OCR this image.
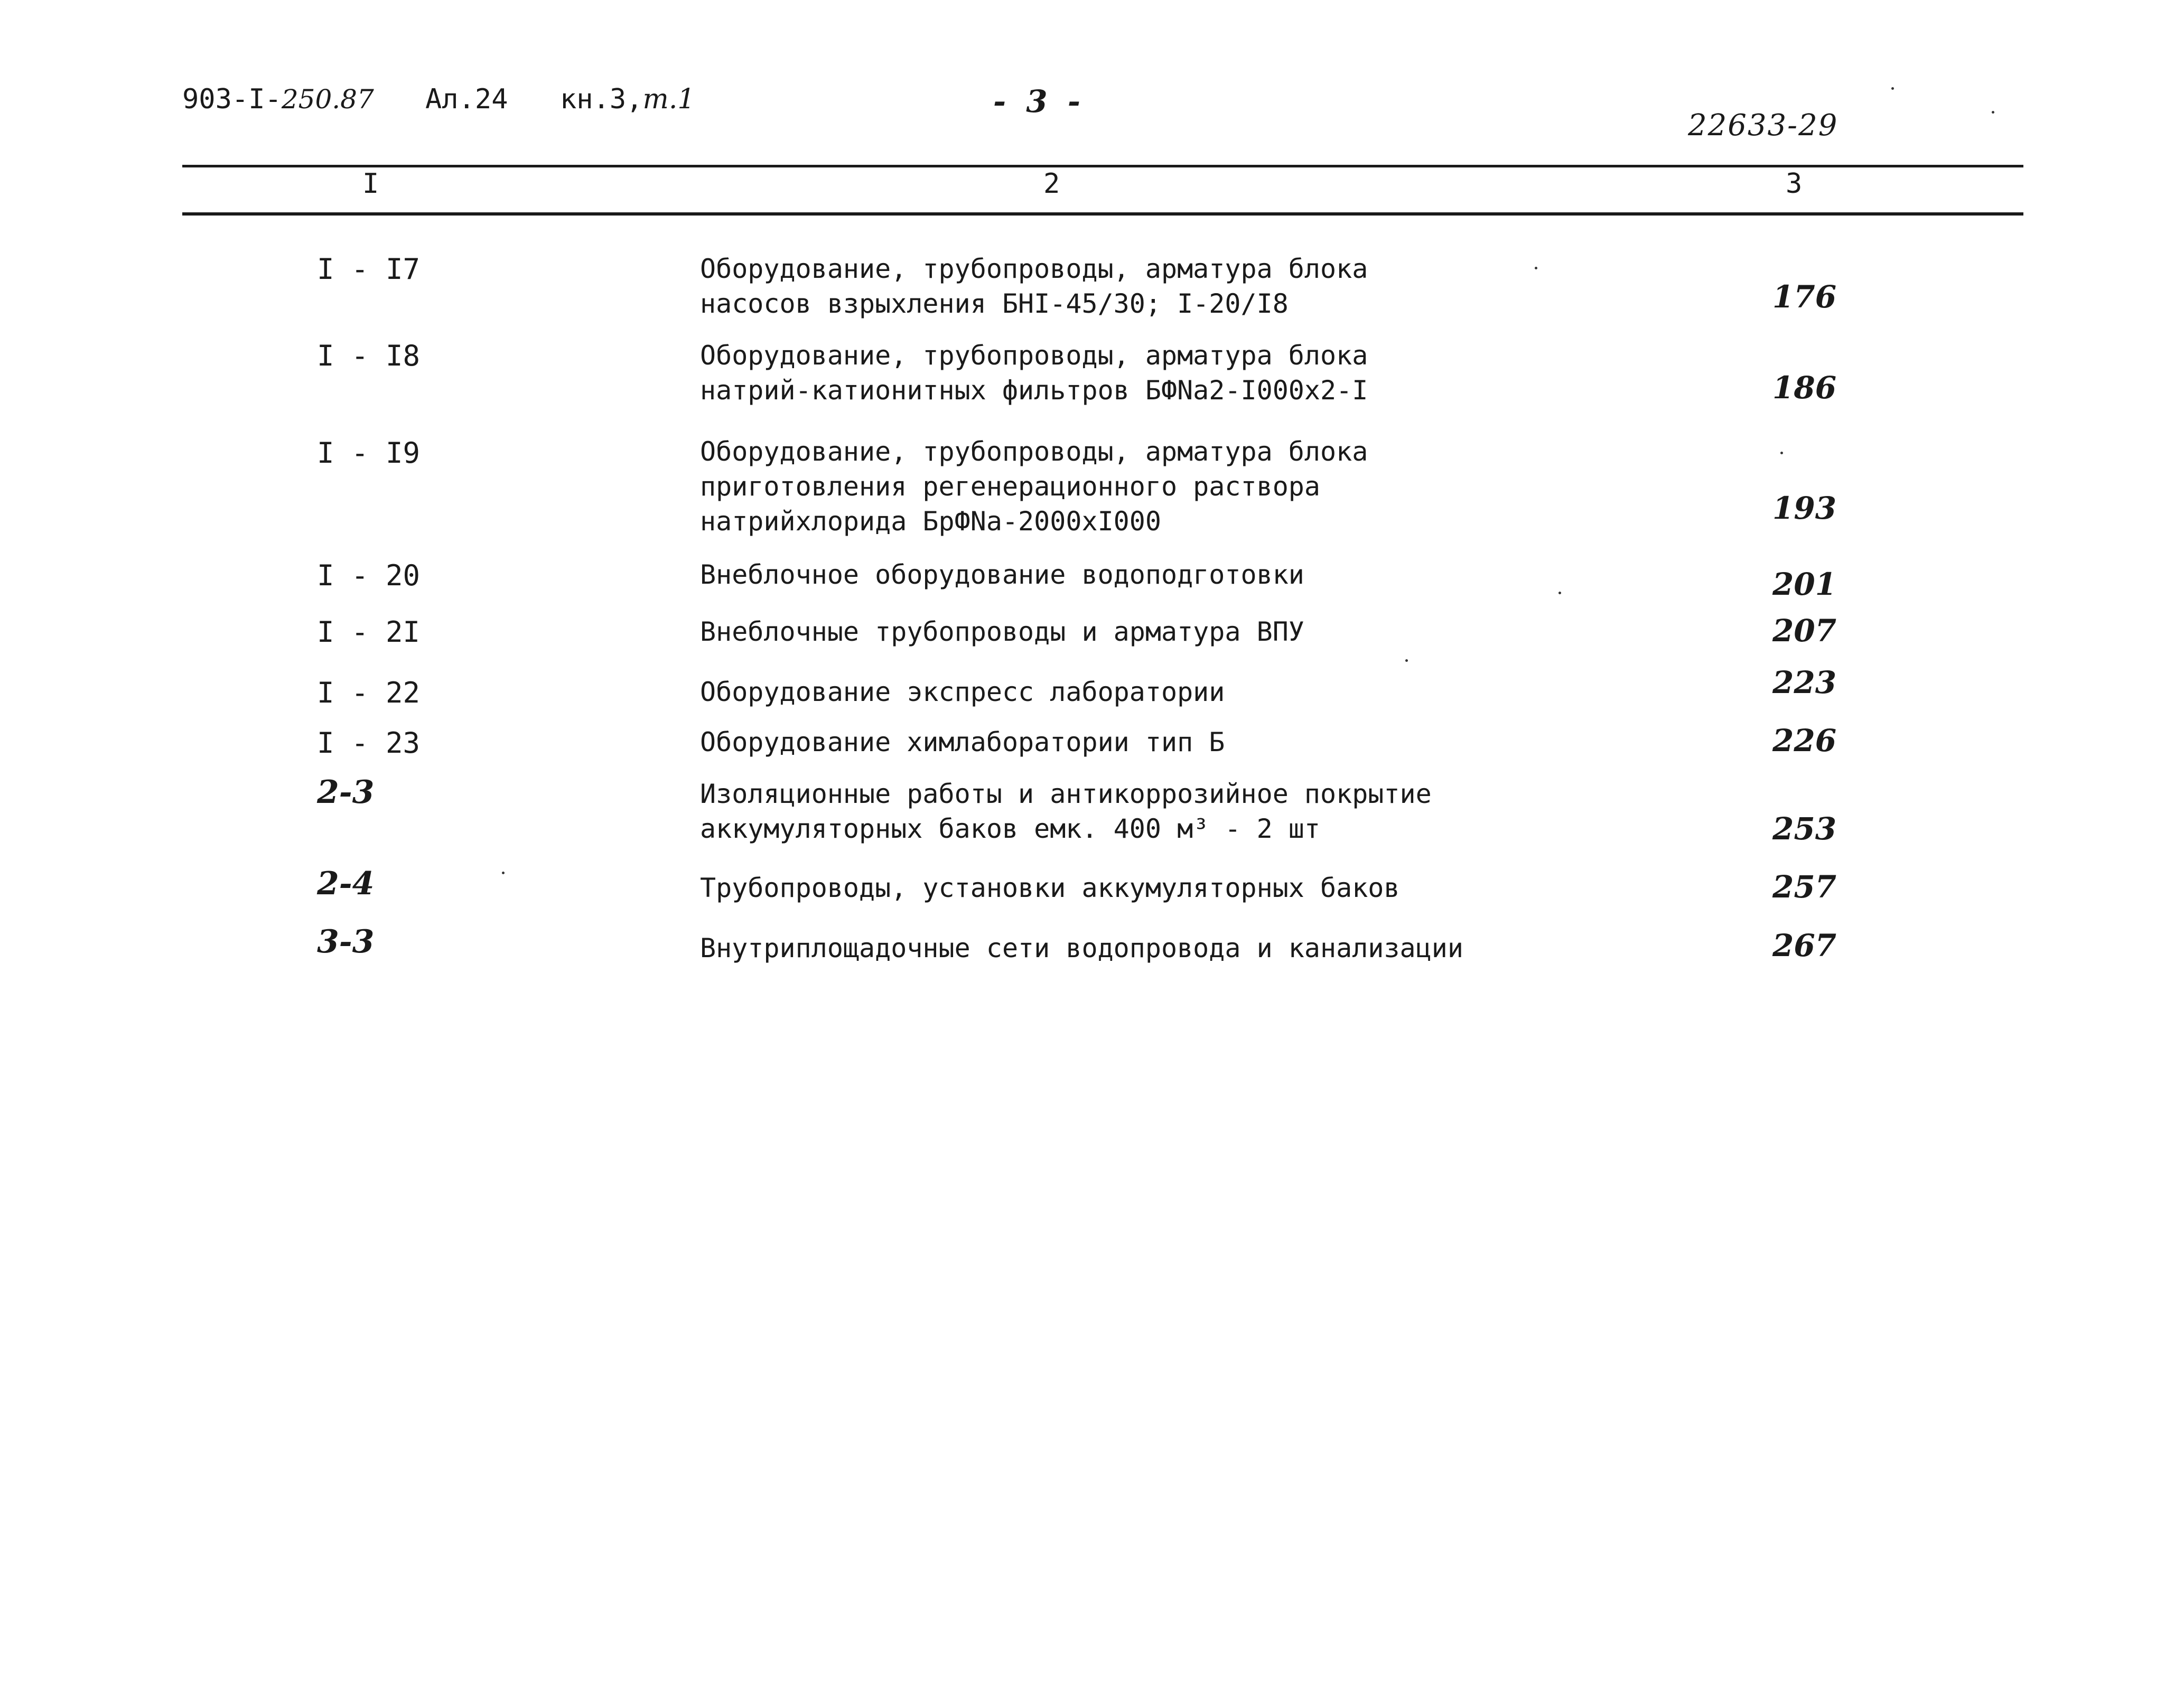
903-I-250.87 Ал.24 кн.3,т.1	- 3 -
22633-29
I	2	3
I - I7	Оборудование, трубопроводы, арматура блока
насосов взрыхления БНI-45/30; I-20/I8	176
I - I8	Оборудование, трубопроводы, арматура блока
натрий-катионитных фильтров БФNa2-I000x2-I	186
I - I9	Оборудование, трубопроводы, арматура блока
приготовления регенерационного раствора
натрийхлорида БрФNa-2000xI000	193
I - 20	Внеблочное оборудование водоподготовки	201
I - 2I	Внеблочные трубопроводы и арматура ВПУ	207
I - 22	Оборудование экспресс лаборатории	223
I - 23	Оборудование химлаборатории тип Б	226
2-3	Изоляционные работы и антикоррозийное покрытие
аккумуляторных баков емк. 400 м³ - 2 шт	253
2-4	Трубопроводы, установки аккумуляторных баков	257
3-3	Внутриплощадочные сети водопровода и канализации	267
